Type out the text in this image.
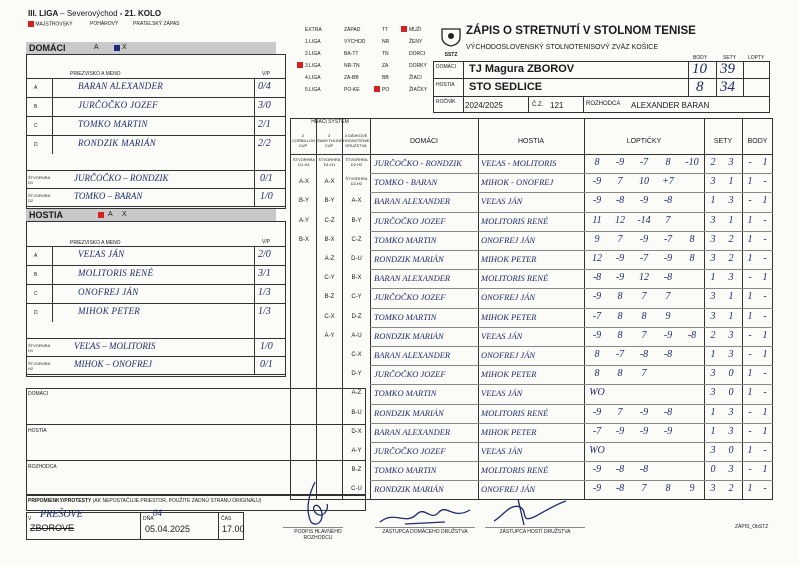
III. LIGA – Severovýchod - 21. KOLO
MAJSTROVSKÝ	POHÁROVÝ	PRATELSKÝ ZÁPAS
EXTRA	ZÁPAD	TT	MUŽI
1.LIGA	VÝCHOD	NR	ŽENY
2.LIGA	BA-TT	TN	DORCI
3.LIGA	NR-TN	ZA	DORKY
4.LIGA	ZA-BB	BB	ŽIACI
5.LIGA	PO-KE	PO	ŽIAČKY
SSTZ
ZÁPIS O STRETNUTÍ V STOLNOM TENISE
VÝCHODOSLOVENSKÝ STOLNOTENISOVÝ ZVÄZ KOŠICE
BODY	SETY LOPTY
DOMÁCI
HOSTIA
TJ Magura ZBOROV
STO SEDLICE
10 39
8 34
ROČNÍK 2024/2025	Č.Z. 121	ROZHODCA ALEXANDER BARAN
DOMÁCI	A	X
PRIEZVISKO A MENO	V/P
A	BARAN ALEXANDER	0/4
B	JURČOČKO JOZEF	3/0
C	TOMKO MARTIN	2/1
D	RONDZIK MARIÁN	2/2
ŠTVORHRA D1	JURČOČKO – RONDZIK	0/1
ŠTVORHRA D2	TOMKO – BARAN	1/0
HOSTIA	A X
PRIEZVISKO A MENO	V/P
A	VEĽAS JÁN	2/0
B	MOLITORIS RENÉ	3/1
C	ONOFREJ JÁN	1/3
D	MIHOK PETER	1/3
ŠTVORHRA H1	VEĽAS – MOLITORIS	1/0
ŠTVORHRA H2	MIHOK – ONOFREJ	0/1
DOMÁCI
HOSTIA
ROZHODCA
PRIPOMIENKY/PROTESTY (AK NEPOSTAČUJE PRIESTOR, POUŽITE ZADNÚ STRANU ORIGINÁLU)
V PREŠOVE
ZBOROVE
DŇA
04
05.04.2025
ČAS
17.00	PODPIS HLAVNÉHO ROZHODCU
ZÁSTUPCA DOMÁCEHO DRUŽSTVA	ZÁSTUPCA HOSTÍ DRUŽSTVA
ZÁPIS_ObSTZ
HRACÍ SYSTÉM
2 CORBILLON CUP
3 SWAYTHLING CUP
4 DÁVKOVÉ HODNOTENIE DRUŽSTVA
DOMÁCI	HOSTIA	LOPTIČKY	SETY	BODY
ŠTVORHRA D1-H1
ŠTVORHRA D1-H1
ŠTVORHRA D2-H2	JURČOČKO - RONDZIK VEĽAS - MOLITORIS	8	-9	-7	8	-10	2	3	-	1
A-X	A-X
ŠTVORHRA D2-H2	TOMKO - BARAN	MIHOK - ONOFREJ	-9	7	10	+7	3	1	1	-
B-Y	B-Y	A-X	BARAN ALEXANDER	VEĽAS JÁN	-9	-8	-9	-8	1	3	-	1
A-Y	C-Z	B-Y	JURČOČKO JOZEF	MOLITORIS RENÉ	11	12	-14	7	3	1	1	-
B-X	B-X	C-Z	TOMKO MARTIN	ONOFREJ JÁN	9	7	-9	-7	8	3	2	1	-
A-Z	D-U	RONDZIK MARIÁN	MIHOK PETER	12	-9	-7	-9	8	3	2	1	-
C-Y	B-X	BARAN ALEXANDER	MOLITORIS RENÉ	-8	-9	12	-8	1	3	-	1
B-Z	C-Y	JURČOČKO JOZEF	ONOFREJ JÁN	-9	8	7	7	3	1	1	-
C-X	D-Z	TOMKO MARTIN	MIHOK PETER	-7	8	8	9	3	1	1	-
A-Y	A-U	RONDZIK MARIÁN	VEĽAS JÁN	-9	8	7	-9	-8	2	3	-	1
C-X	BARAN ALEXANDER	ONOFREJ JÁN	8	-7	-8	-8	1	3	-	1
D-Y	JURČOČKO JOZEF	MIHOK PETER	8	8	7	3	0	1	-
A-Z	TOMKO MARTIN	VEĽAS JÁN	WO	3	0	1	-
B-U	RONDZIK MARIÁN	MOLITORIS RENÉ	-9	7	-9	-8	1	3	-	1
D-X	BARAN ALEXANDER	MIHOK PETER	-7	-9	-9	-9	1	3	-	1
A-Y	JURČOČKO JOZEF	VEĽAS JÁN	WO	3	0	1	-
B-Z	TOMKO MARTIN	MOLITORIS RENÉ	-9	-8	-8	0	3	-	1
C-U	RONDZIK MARIÁN	ONOFREJ JÁN	-9	-8	7	8	9	3	2	1	-
